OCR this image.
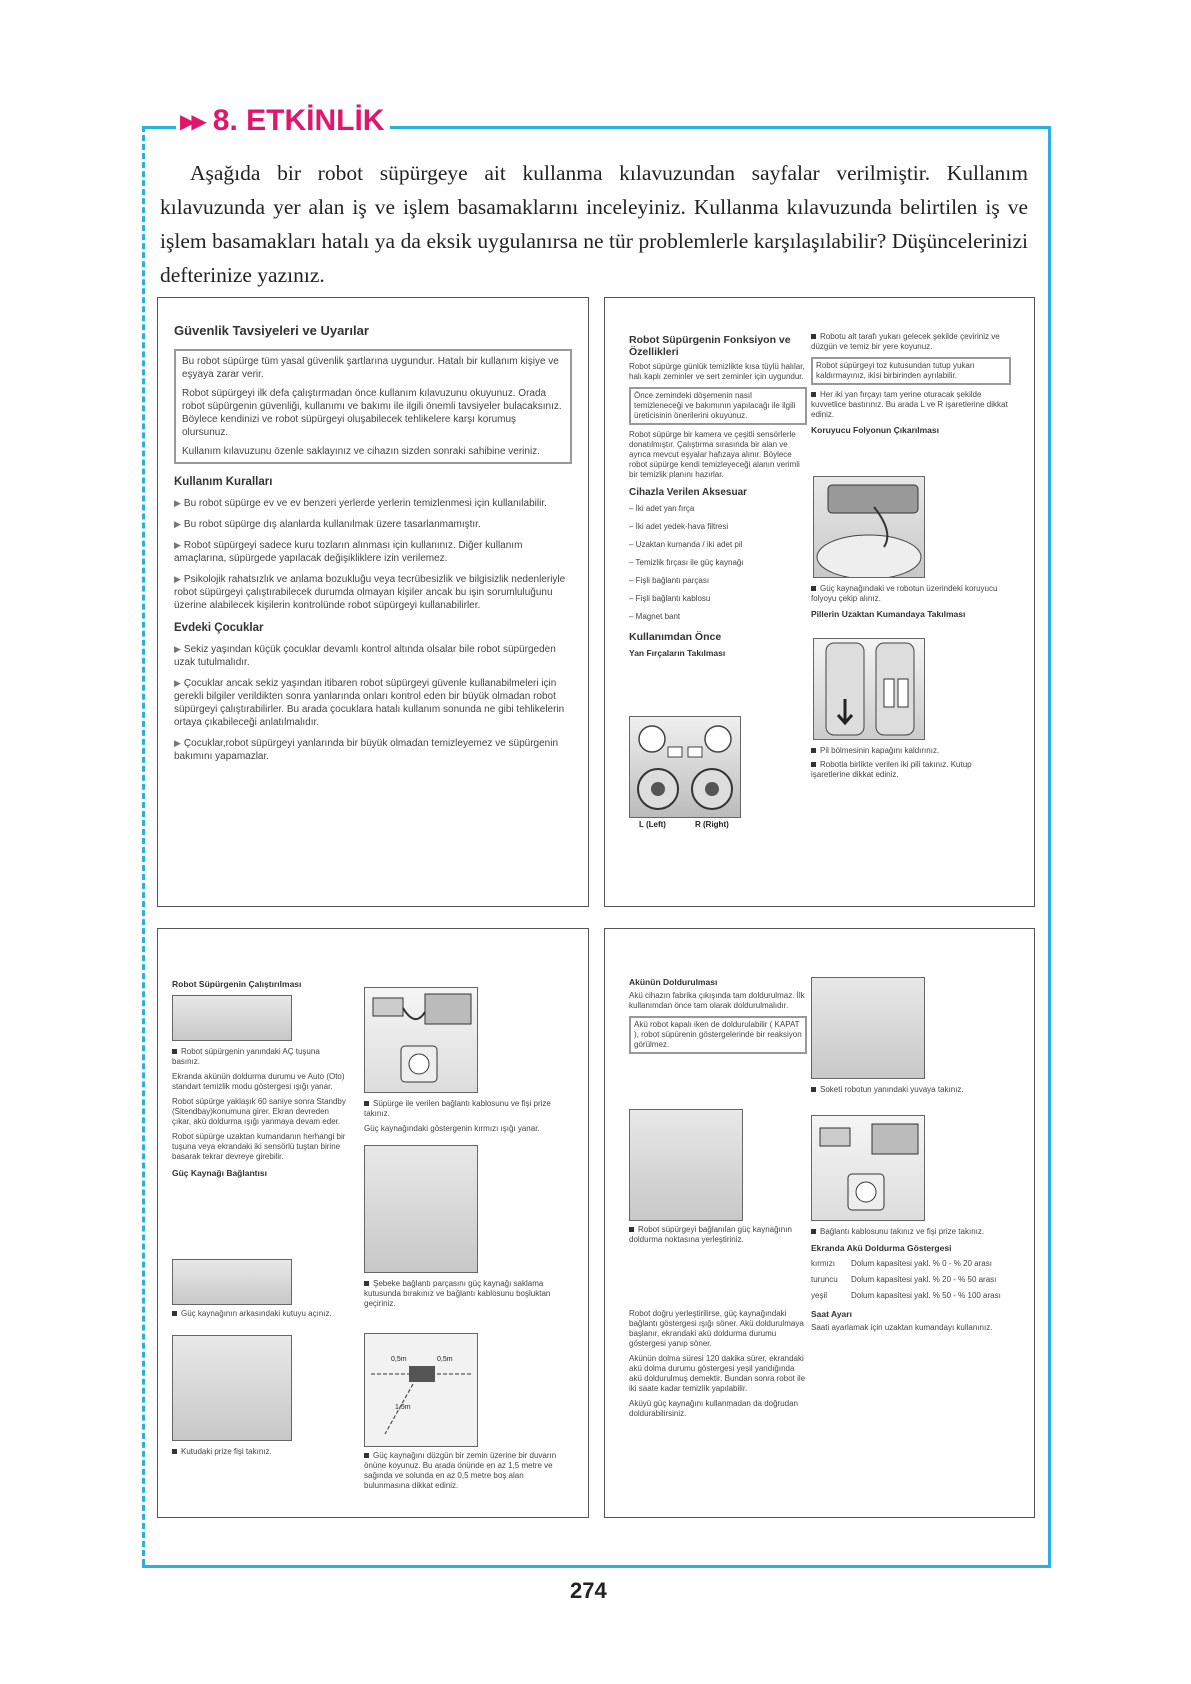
▶▶ 8. ETKİNLİK
Aşağıda bir robot süpürgeye ait kullanma kılavuzundan sayfalar verilmiştir. Kullanım kılavuzunda yer alan iş ve işlem basamaklarını inceleyiniz. Kullanma kılavuzunda belirtilen iş ve işlem basamakları hatalı ya da eksik uygulanırsa ne tür problemlerle karşılaşılabilir? Düşüncelerinizi defterinize yazınız.
Güvenlik Tavsiyeleri ve Uyarılar
Bu robot süpürge tüm yasal güvenlik şartlarına uygundur. Hatalı bir kullanım kişiye ve eşyaya zarar verir.
Robot süpürgeyi ilk defa çalıştırmadan önce kullanım kılavuzunu okuyunuz. Orada robot süpürgenin güvenliği, kullanımı ve bakımı ile ilgili önemli tavsiyeler bulacaksınız. Böylece kendinizi ve robot süpürgeyi oluşabilecek tehlikelere karşı korumuş olursunuz.
Kullanım kılavuzunu özenle saklayınız ve cihazın sizden sonraki sahibine veriniz.
Kullanım Kuralları
▶ Bu robot süpürge ev ve ev benzeri yerlerde yerlerin temizlenmesi için kullanılabilir.
▶ Bu robot süpürge dış alanlarda kullanılmak üzere tasarlanmamıştır.
▶ Robot süpürgeyi sadece kuru tozların alınması için kullanınız. Diğer kullanım amaçlarına, süpürgede yapılacak değişikliklere izin verilemez.
▶ Psikolojik rahatsızlık ve anlama bozukluğu veya tecrübesizlik ve bilgisizlik nedenleriyle robot süpürgeyi çalıştırabilecek durumda olmayan kişiler ancak bu işin sorumluluğunu üzerine alabilecek kişilerin kontrolünde robot süpürgeyi kullanabilirler.
Evdeki Çocuklar
▶ Sekiz yaşından küçük çocuklar devamlı kontrol altında olsalar bile robot süpürgeden uzak tutulmalıdır.
▶ Çocuklar ancak sekiz yaşından itibaren robot süpürgeyi güvenle kullanabilmeleri için gerekli bilgiler verildikten sonra yanlarında onları kontrol eden bir büyük olmadan robot süpürgeyi çalıştırabilirler. Bu arada çocuklara hatalı kullanım sonunda ne gibi tehlikelerin ortaya çıkabileceği anlatılmalıdır.
▶ Çocuklar,robot süpürgeyi yanlarında bir büyük olmadan temizleyemez ve süpürgenin bakımını yapamazlar.
Robot Süpürgenin Fonksiyon ve Özellikleri
Robot süpürge günlük temizlikte kısa tüylü halılar, halı kaplı zeminler ve sert zeminler için uygundur.
Önce zemindeki döşemenin nasıl temizleneceği ve bakımının yapılacağı ile ilgili üreticisinin önerilerini okuyunuz.
Robot süpürge bir kamera ve çeşitli sensörlerle donatılmıştır. Çalıştırma sırasında bir alan ve ayrıca mevcut eşyalar hafızaya alınır. Böylece robot süpürge kendi temizleyeceği alanın verimli bir temizlik planını hazırlar.
Cihazla Verilen Aksesuar
– İki adet yan fırça
– İki adet yedek-hava filtresi
– Uzaktan kumanda / iki adet pil
– Temizlik fırçası ile güç kaynağı
– Fişli bağlantı parçası
– Fişli bağlantı kablosu
– Magnet bant
Kullanımdan Önce
Yan Fırçaların Takılması
L (Left)	R (Right)
Robotu alt tarafı yukarı gelecek şekilde çeviriniz ve düzgün ve temiz bir yere koyunuz.
Robot süpürgeyi toz kutusundan tutup yukarı kaldırmayınız, ikisi birbirinden ayrılabilir.
Her iki yan fırçayı tam yerine oturacak şekilde kuvvetlice bastırınız. Bu arada L ve R işaretlerine dikkat ediniz.
Koruyucu Folyonun Çıkarılması
Güç kaynağındaki ve robotun üzerindeki koruyucu folyoyu çekip alınız.
Pillerin Uzaktan Kumandaya Takılması
Pil bölmesinin kapağını kaldırınız.
Robotla birlikte verilen iki pili takınız. Kutup işaretlerine dikkat ediniz.
Robot Süpürgenin Çalıştırılması
Robot süpürgenin yanındaki AÇ tuşuna basınız.
Ekranda akünün doldurma durumu ve Auto (Oto) standart temizlik modu göstergesi ışığı yanar.
Robot süpürge yaklaşık 60 saniye sonra Standby (Sitendbay)konumuna girer. Ekran devreden çıkar, akü doldurma ışığı yanmaya devam eder.
Robot süpürge uzaktan kumandanın herhangi bir tuşuna veya ekrandaki iki sensörlü tuştan birine basarak tekrar devreye girebilir.
Güç Kaynağı Bağlantısı
Güç kaynağının arkasındaki kutuyu açınız.
Kutudaki prize fişi takınız.
Süpürge ile verilen bağlantı kablosunu ve fişi prize takınız.
Güç kaynağındaki göstergenin kırmızı ışığı yanar.
Şebeke bağlantı parçasını güç kaynağı saklama kutusunda bırakınız ve bağlantı kablosunu boşluktan geçiriniz.
0,5m	0,5m
1,5m
Güç kaynağını düzgün bir zemin üzerine bir duvarın önüne koyunuz. Bu arada önünde en az 1,5 metre ve sağında ve solunda en az 0,5 metre boş alan bulunmasına dikkat ediniz.
Akünün Doldurulması
Akü cihazın fabrika çıkışında tam doldurulmaz. İlk kullanımdan önce tam olarak doldurulmalıdır.
Akü robot kapalı iken de doldurulabilir ( KAPAT ), robot süpürenin göstergelerinde bir reaksiyon görülmez.
Robot süpürgeyi bağlanılan güç kaynağının doldurma noktasına yerleştiriniz.
Robot doğru yerleştirilirse, güç kaynağındaki bağlantı göstergesi ışığı söner. Akü doldurulmaya başlanır, ekrandaki akü doldurma durumu göstergesi yanıp söner.
Akünün dolma süresi 120 dakika sürer, ekrandaki akü dolma durumu göstergesi yeşil yandığında akü doldurulmuş demektir. Bundan sonra robot ile iki saate kadar temizlik yapılabilir.
Aküyü güç kaynağını kullanmadan da doğrudan doldurabilirsiniz.
Soketi robotun yanındaki yuvaya takınız.
Bağlantı kablosunu takınız ve fişi prize takınız.
Ekranda Akü Doldurma Göstergesi
kırmızı	Dolum kapasitesi yakl. % 0 - % 20 arası
turuncu	Dolum kapasitesi yakl. % 20 - % 50 arası
yeşil	Dolum kapasitesi yakl. % 50 - % 100 arası
Saat Ayarı
Saati ayarlamak için uzaktan kumandayı kullanınız.
274
